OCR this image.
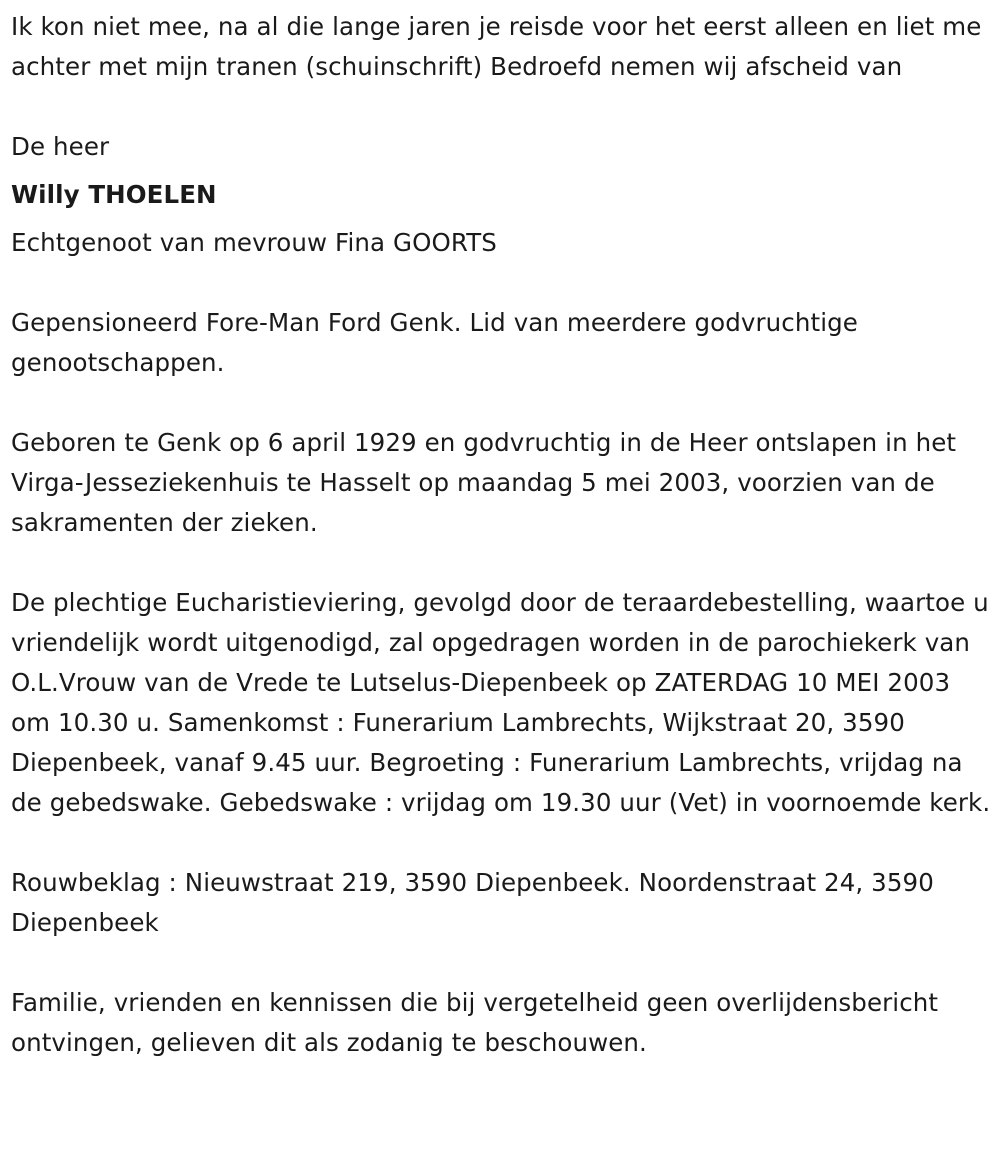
Ik kon niet mee, na al die lange jaren je reisde voor het eerst alleen en liet me achter met mijn tranen (schuinschrift) Bedroefd nemen wij afscheid van

De heer

Willy THOELEN

Echtgenoot van mevrouw Fina GOORTS

Gepensioneerd Fore-Man Ford Genk. Lid van meerdere godvruchtige genootschappen.

Geboren te Genk op 6 april 1929 en godvruchtig in de Heer ontslapen in het Virga-Jesseziekenhuis te Hasselt op maandag 5 mei 2003, voorzien van de sakramenten der zieken.

De plechtige Eucharistieviering, gevolgd door de teraardebestelling, waartoe u vriendelijk wordt uitgenodigd, zal opgedragen worden in de parochiekerk van O.L.Vrouw van de Vrede te Lutselus-Diepenbeek op ZATERDAG 10 MEI 2003 om 10.30 u. Samenkomst : Funerarium Lambrechts, Wijkstraat 20, 3590 Diepenbeek, vanaf 9.45 uur. Begroeting : Funerarium Lambrechts, vrijdag na de gebedswake. Gebedswake : vrijdag om 19.30 uur (Vet) in voornoemde kerk.

Rouwbeklag : Nieuwstraat 219, 3590 Diepenbeek. Noordenstraat 24, 3590 Diepenbeek

Familie, vrienden en kennissen die bij vergetelheid geen overlijdensbericht ontvingen, gelieven dit als zodanig te beschouwen.
